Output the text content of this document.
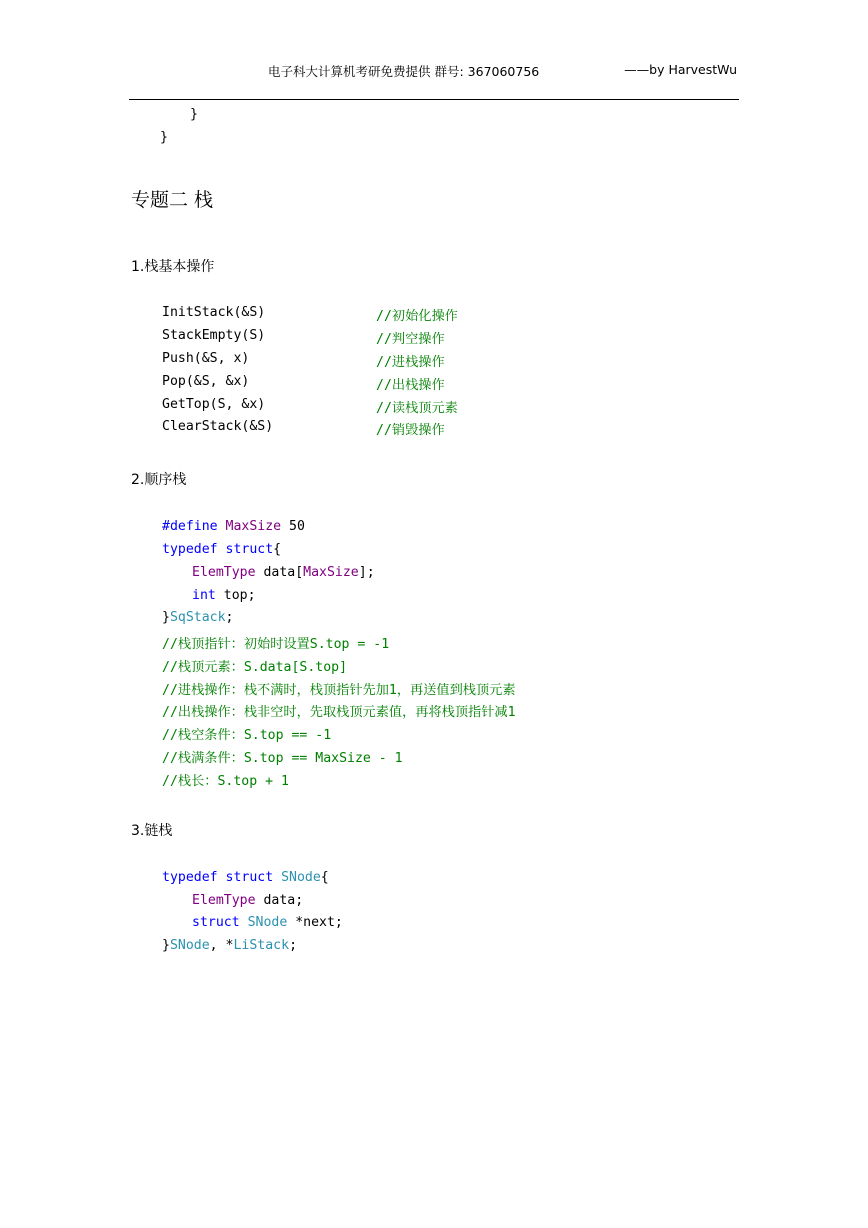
电子科大计算机考研免费提供 群号: 367060756	——by HarvestWu
}
}
专题二 栈
1.栈基本操作
InitStack(&S)	//初始化操作
StackEmpty(S)	//判空操作
Push(&S, x)	//进栈操作
Pop(&S, &x)	//出栈操作
GetTop(S, &x)	//读栈顶元素
ClearStack(&S)	//销毁操作
2.顺序栈
#define MaxSize 50
typedef struct{
ElemType data[MaxSize];
int top;
}SqStack;
//栈顶指针：初始时设置S.top = -1
//栈顶元素：S.data[S.top]
//进栈操作：栈不满时，栈顶指针先加1，再送值到栈顶元素
//出栈操作：栈非空时，先取栈顶元素值，再将栈顶指针减1
//栈空条件：S.top == -1
//栈满条件：S.top == MaxSize - 1
//栈长：S.top + 1
3.链栈
typedef struct SNode{
ElemType data;
struct SNode *next;
}SNode, *LiStack;
